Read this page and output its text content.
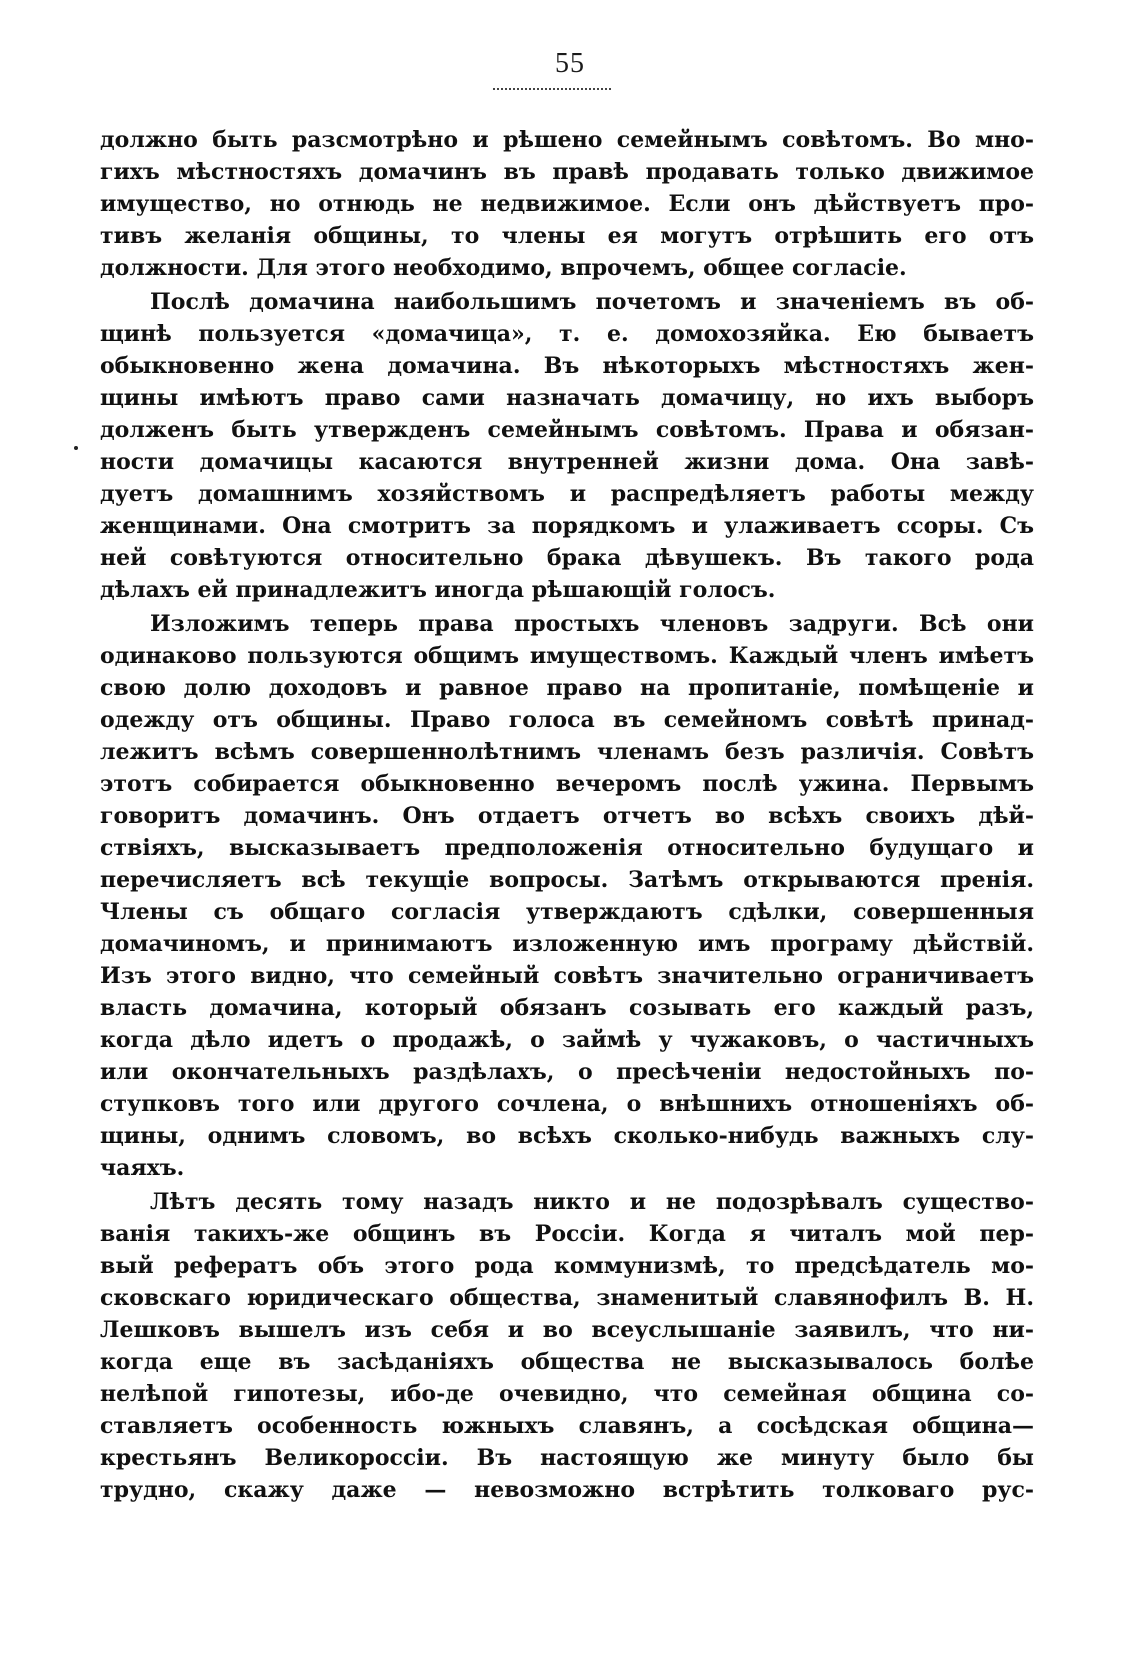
55
должно быть разсмотрѣно и рѣшено семейнымъ совѣтомъ. Во мно-
гихъ мѣстностяхъ домачинъ въ правѣ продавать только движимое
имущество, но отнюдь не недвижимое. Если онъ дѣйствуетъ про-
тивъ желанія общины, то члены ея могутъ отрѣшить его отъ
должности. Для этого необходимо, впрочемъ, общее согласіе.
Послѣ домачина наибольшимъ почетомъ и значеніемъ въ об-
щинѣ пользуется «домачица», т. е. домохозяйка. Ею бываетъ
обыкновенно жена домачина. Въ нѣкоторыхъ мѣстностяхъ жен-
щины имѣютъ право сами назначать домачицу, но ихъ выборъ
долженъ быть утвержденъ семейнымъ совѣтомъ. Права и обязан-
ности домачицы касаются внутренней жизни дома. Она завѣ-
дуетъ домашнимъ хозяйствомъ и распредѣляетъ работы между
женщинами. Она смотритъ за порядкомъ и улаживаетъ ссоры. Съ
ней совѣтуются относительно брака дѣвушекъ. Въ такого рода
дѣлахъ ей принадлежитъ иногда рѣшающій голосъ.
Изложимъ теперь права простыхъ членовъ задруги. Всѣ они
одинаково пользуются общимъ имуществомъ. Каждый членъ имѣетъ
свою долю доходовъ и равное право на пропитаніе, помѣщеніе и
одежду отъ общины. Право голоса въ семейномъ совѣтѣ принад-
лежитъ всѣмъ совершеннолѣтнимъ членамъ безъ различія. Совѣтъ
этотъ собирается обыкновенно вечеромъ послѣ ужина. Первымъ
говоритъ домачинъ. Онъ отдаетъ отчетъ во всѣхъ своихъ дѣй-
ствіяхъ, высказываетъ предположенія относительно будущаго и
перечисляетъ всѣ текущіе вопросы. Затѣмъ открываются пренія.
Члены съ общаго согласія утверждаютъ сдѣлки, совершенныя
домачиномъ, и принимаютъ изложенную имъ програму дѣйствій.
Изъ этого видно, что семейный совѣтъ значительно ограничиваетъ
власть домачина, который обязанъ созывать его каждый разъ,
когда дѣло идетъ о продажѣ, о займѣ у чужаковъ, о частичныхъ
или окончательныхъ раздѣлахъ, о пресѣченіи недостойныхъ по-
ступковъ того или другого сочлена, о внѣшнихъ отношеніяхъ об-
щины, однимъ словомъ, во всѣхъ сколько-нибудь важныхъ слу-
чаяхъ.
Лѣтъ десять тому назадъ никто и не подозрѣвалъ существо-
ванія такихъ-же общинъ въ Россіи. Когда я читалъ мой пер-
вый рефератъ объ этого рода коммунизмѣ, то предсѣдатель мо-
сковскаго юридическаго общества, знаменитый славянофилъ В. Н.
Лешковъ вышелъ изъ себя и во всеуслышаніе заявилъ, что ни-
когда еще въ засѣданіяхъ общества не высказывалось болѣе
нелѣпой гипотезы, ибо-де очевидно, что семейная община со-
ставляетъ особенность южныхъ славянъ, а сосѣдская община—
крестьянъ Великороссіи. Въ настоящую же минуту было бы
трудно, скажу даже — невозможно встрѣтить толковаго рус-
